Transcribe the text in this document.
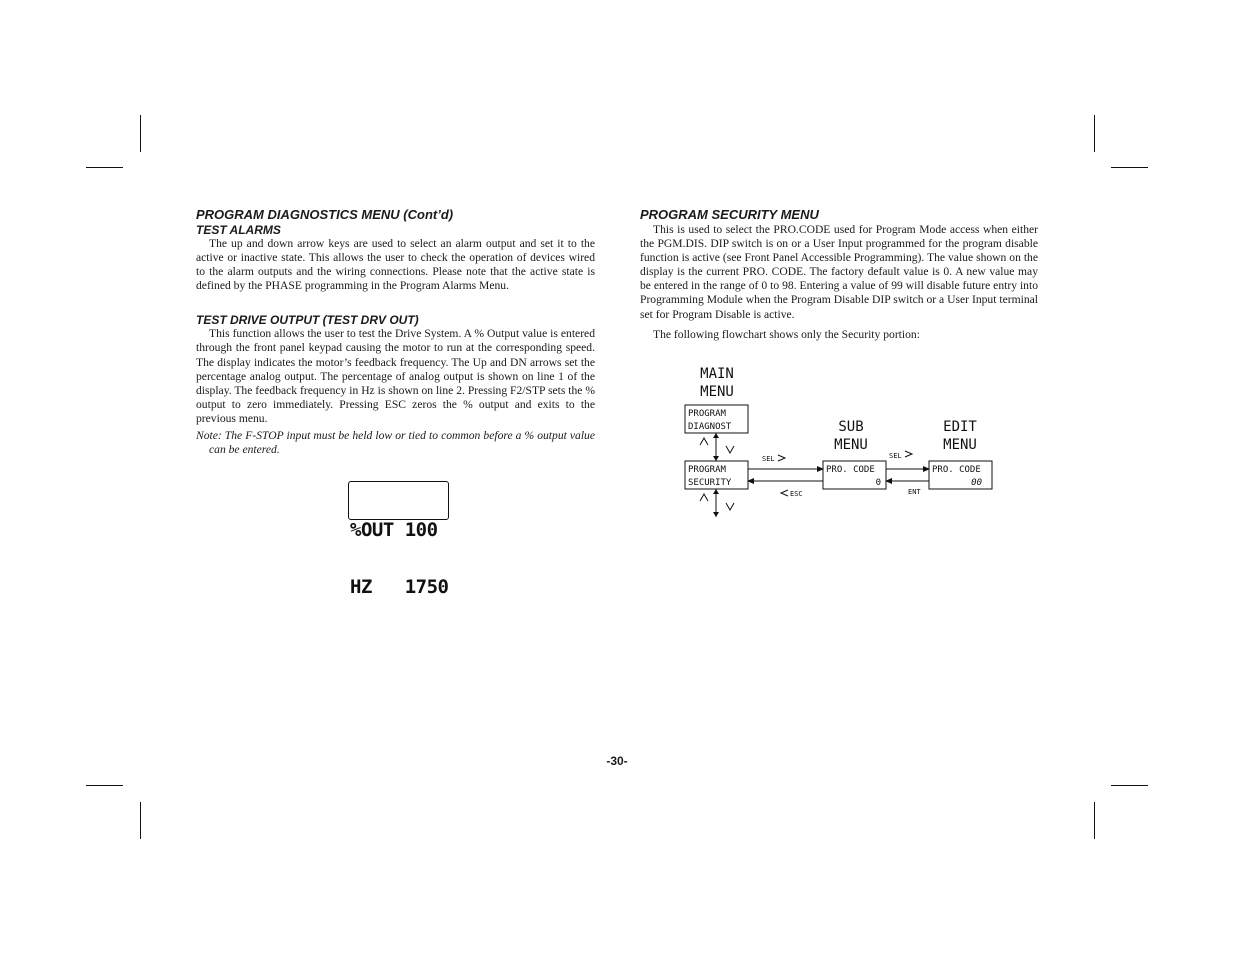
PROGRAM DIAGNOSTICS MENU (Cont’d)
TEST ALARMS

The up and down arrow keys are used to select an alarm output and set it to the active or inactive state. This allows the user to check the operation of devices wired to the alarm outputs and the wiring connections. Please note that the active state is defined by the PHASE programming in the Program Alarms Menu.

TEST DRIVE OUTPUT (TEST DRV OUT)

This function allows the user to test the Drive System. A % Output value is entered through the front panel keypad causing the motor to run at the corresponding speed. The display indicates the motor’s feedback frequency. The Up and DN arrows set the percentage analog output. The percentage of analog output is shown on line 1 of the display. The feedback frequency in Hz is shown on line 2. Pressing F2/STP sets the % output to zero immediately. Pressing ESC zeros the % output and exits to the previous menu.

Note: The F-STOP input must be held low or tied to common before a % output value can be entered.

%OUT 100

HZ   1750

PROGRAM SECURITY MENU

This is used to select the PRO.CODE used for Program Mode access when either the PGM.DIS. DIP switch is on or a User Input programmed for the program disable function is active (see Front Panel Accessible Programming). The value shown on the display is the current PRO. CODE. The factory default value is 0. A new value may be entered in the range of 0 to 98. Entering a value of 99 will disable future entry into Programming Module when the Program Disable DIP switch or a User Input terminal set for Program Disable is active.

The following flowchart shows only the Security portion:

MAIN
MENU
SUB
MENU
EDIT
MENU
PROGRAM
DIAGNOST
PROGRAM
SECURITY
PRO. CODE
0
PRO. CODE
00
SEL
ESC
SEL
ENT
-30-
